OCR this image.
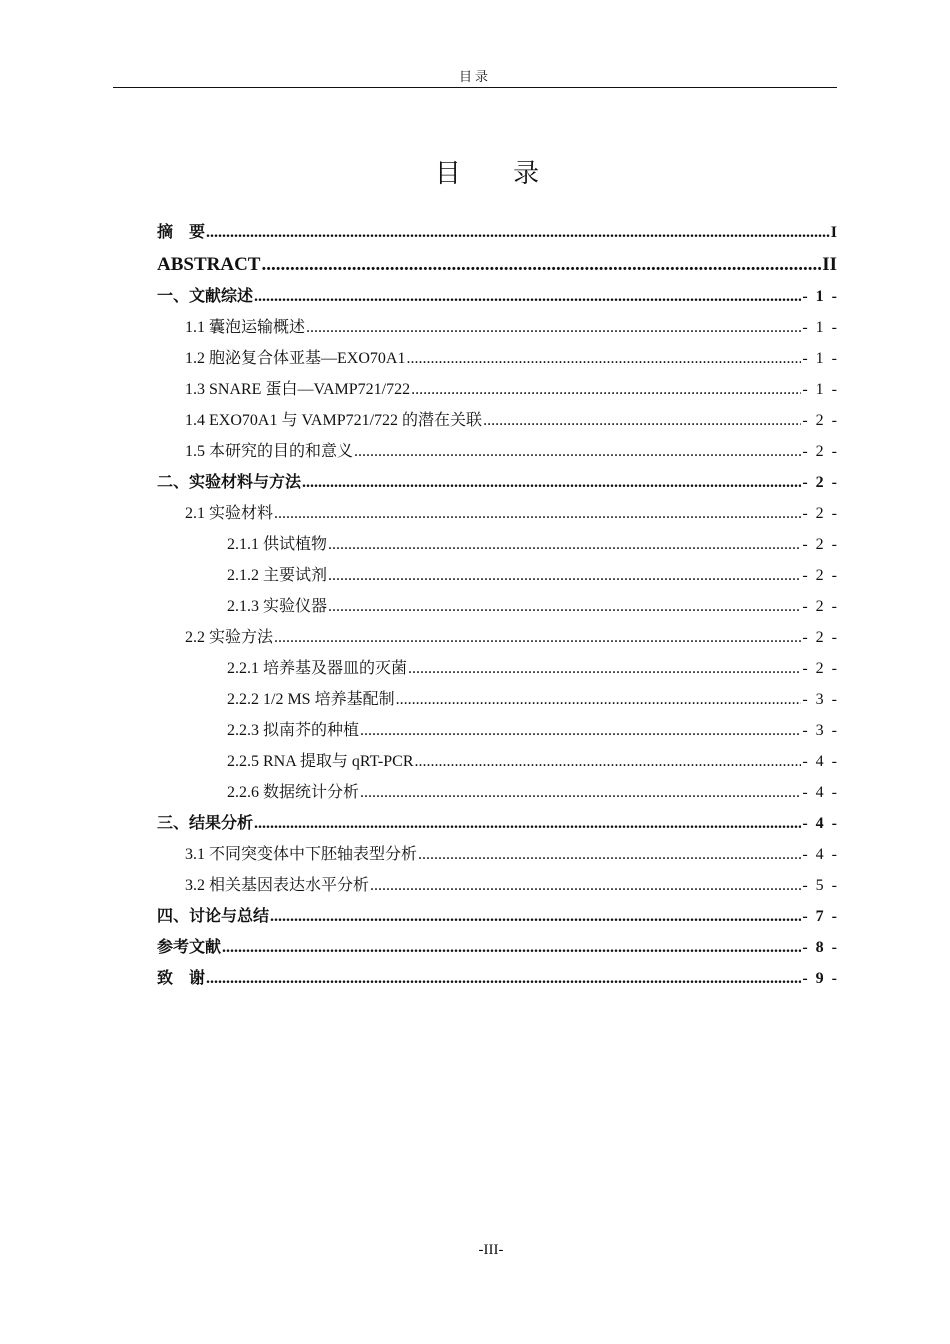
目录
目 录
摘　要 .....	I
ABSTRACT .....	II
一、文献综述 .....	- 1 -
1.1 囊泡运输概述 .....	- 1 -
1.2 胞泌复合体亚基—EXO70A1 .....	- 1 -
1.3 SNARE 蛋白—VAMP721/722 .....	- 1 -
1.4 EXO70A1 与 VAMP721/722 的潜在关联 .....	- 2 -
1.5 本研究的目的和意义 .....	- 2 -
二、实验材料与方法 .....	- 2 -
2.1 实验材料 .....	- 2 -
2.1.1 供试植物 .....	- 2 -
2.1.2 主要试剂 .....	- 2 -
2.1.3 实验仪器 .....	- 2 -
2.2 实验方法 .....	- 2 -
2.2.1 培养基及器皿的灭菌 .....	- 2 -
2.2.2 1/2 MS 培养基配制 .....	- 3 -
2.2.3 拟南芥的种植 .....	- 3 -
2.2.5 RNA 提取与 qRT-PCR .....	- 4 -
2.2.6 数据统计分析 .....	- 4 -
三、结果分析 .....	- 4 -
3.1 不同突变体中下胚轴表型分析 .....	- 4 -
3.2 相关基因表达水平分析 .....	- 5 -
四、讨论与总结 .....	- 7 -
参考文献 .....	- 8 -
致　谢 .....	- 9 -
-III-
